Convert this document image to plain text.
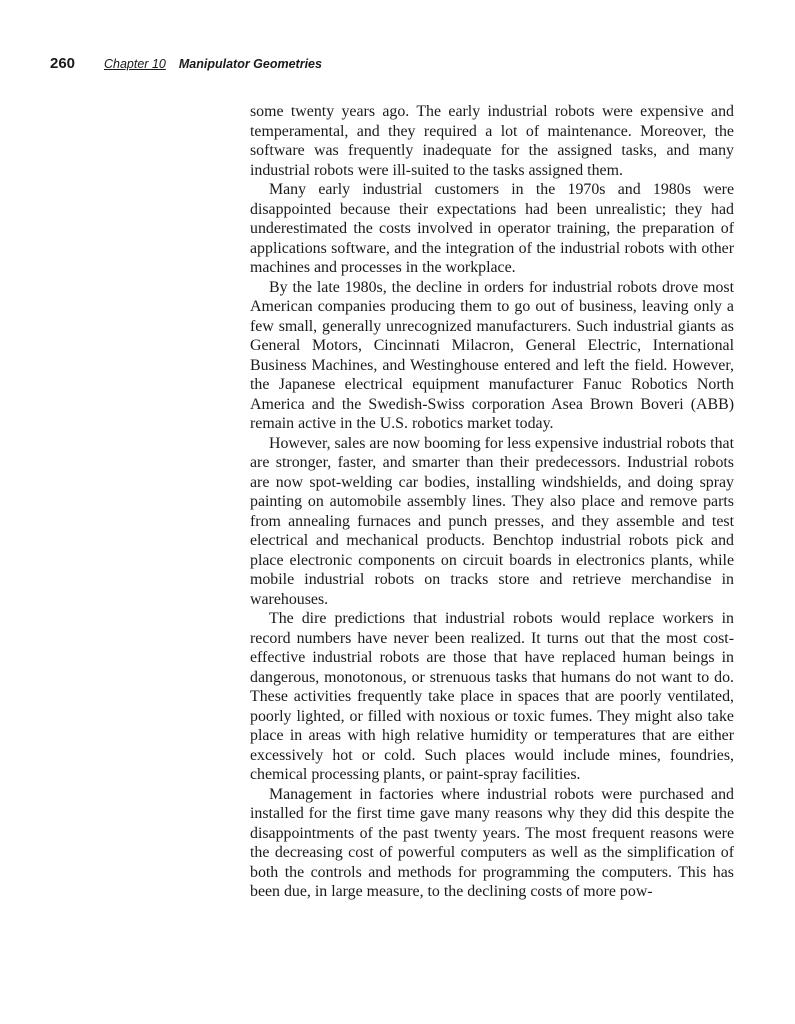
260 Chapter 10 Manipulator Geometries

some twenty years ago. The early industrial robots were expensive and temperamental, and they required a lot of maintenance. Moreover, the software was frequently inadequate for the assigned tasks, and many industrial robots were ill-suited to the tasks assigned them.

Many early industrial customers in the 1970s and 1980s were disappointed because their expectations had been unrealistic; they had underestimated the costs involved in operator training, the preparation of applications software, and the integration of the industrial robots with other machines and processes in the workplace.

By the late 1980s, the decline in orders for industrial robots drove most American companies producing them to go out of business, leaving only a few small, generally unrecognized manufacturers. Such industrial giants as General Motors, Cincinnati Milacron, General Electric, International Business Machines, and Westinghouse entered and left the field. However, the Japanese electrical equipment manufacturer Fanuc Robotics North America and the Swedish-Swiss corporation Asea Brown Boveri (ABB) remain active in the U.S. robotics market today.

However, sales are now booming for less expensive industrial robots that are stronger, faster, and smarter than their predecessors. Industrial robots are now spot-welding car bodies, installing windshields, and doing spray painting on automobile assembly lines. They also place and remove parts from annealing furnaces and punch presses, and they assemble and test electrical and mechanical products. Benchtop industrial robots pick and place electronic components on circuit boards in electronics plants, while mobile industrial robots on tracks store and retrieve merchandise in warehouses.

The dire predictions that industrial robots would replace workers in record numbers have never been realized. It turns out that the most cost-effective industrial robots are those that have replaced human beings in dangerous, monotonous, or strenuous tasks that humans do not want to do. These activities frequently take place in spaces that are poorly ventilated, poorly lighted, or filled with noxious or toxic fumes. They might also take place in areas with high relative humidity or temperatures that are either excessively hot or cold. Such places would include mines, foundries, chemical processing plants, or paint-spray facilities.

Management in factories where industrial robots were purchased and installed for the first time gave many reasons why they did this despite the disappointments of the past twenty years. The most frequent reasons were the decreasing cost of powerful computers as well as the simplification of both the controls and methods for programming the computers. This has been due, in large measure, to the declining costs of more pow-
